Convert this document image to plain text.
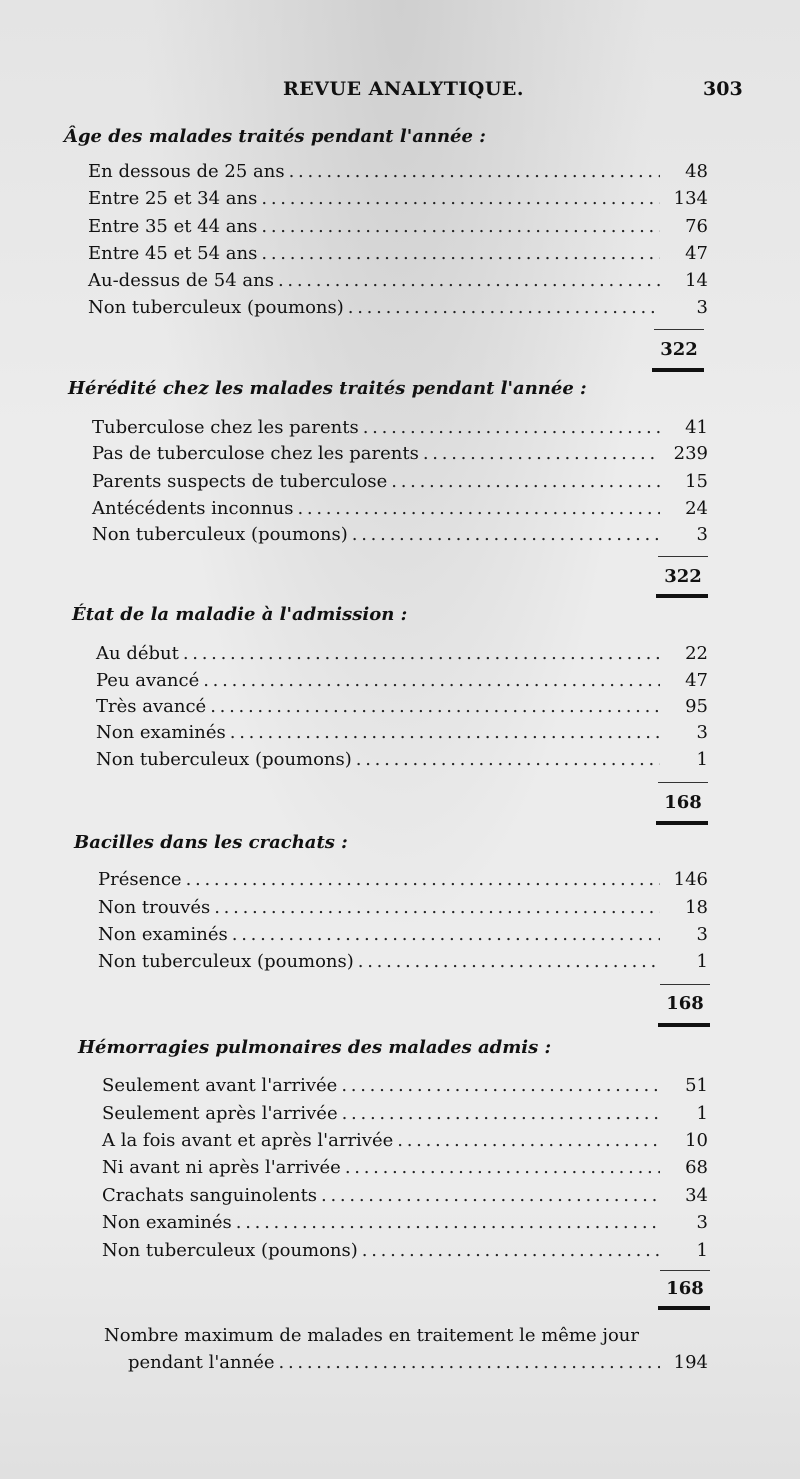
REVUE ANALYTIQUE.	303
Âge des malades traités pendant l'année :
En dessous de 25 ans . . .	48
Entre 25 et 34 ans . . .	134
Entre 35 et 44 ans . . .	76
Entre 45 et 54 ans . . .	47
Au-dessus de 54 ans . . .	14
Non tuberculeux (poumons) . . .	3
322
Hérédité chez les malades traités pendant l'année :
Tuberculose chez les parents . . .	41
Pas de tuberculose chez les parents . . .	239
Parents suspects de tuberculose . . .	15
Antécédents inconnus . . .	24
Non tuberculeux (poumons) . . .	3
322
État de la maladie à l'admission :
Au début . . .	22
Peu avancé . . .	47
Très avancé . . .	95
Non examinés . . .	3
Non tuberculeux (poumons) . . .	1
168
Bacilles dans les crachats :
Présence . . .	146
Non trouvés . . .	18
Non examinés . . .	3
Non tuberculeux (poumons) . . .	1
168
Hémorragies pulmonaires des malades admis :
Seulement avant l'arrivée . . .	51
Seulement après l'arrivée . . .	1
A la fois avant et après l'arrivée . . .	10
Ni avant ni après l'arrivée . . .	68
Crachats sanguinolents . . .	34
Non examinés . . .	3
Non tuberculeux (poumons) . . .	1
168
Nombre maximum de malades en traitement le même jour
pendant l'année . . .	194
